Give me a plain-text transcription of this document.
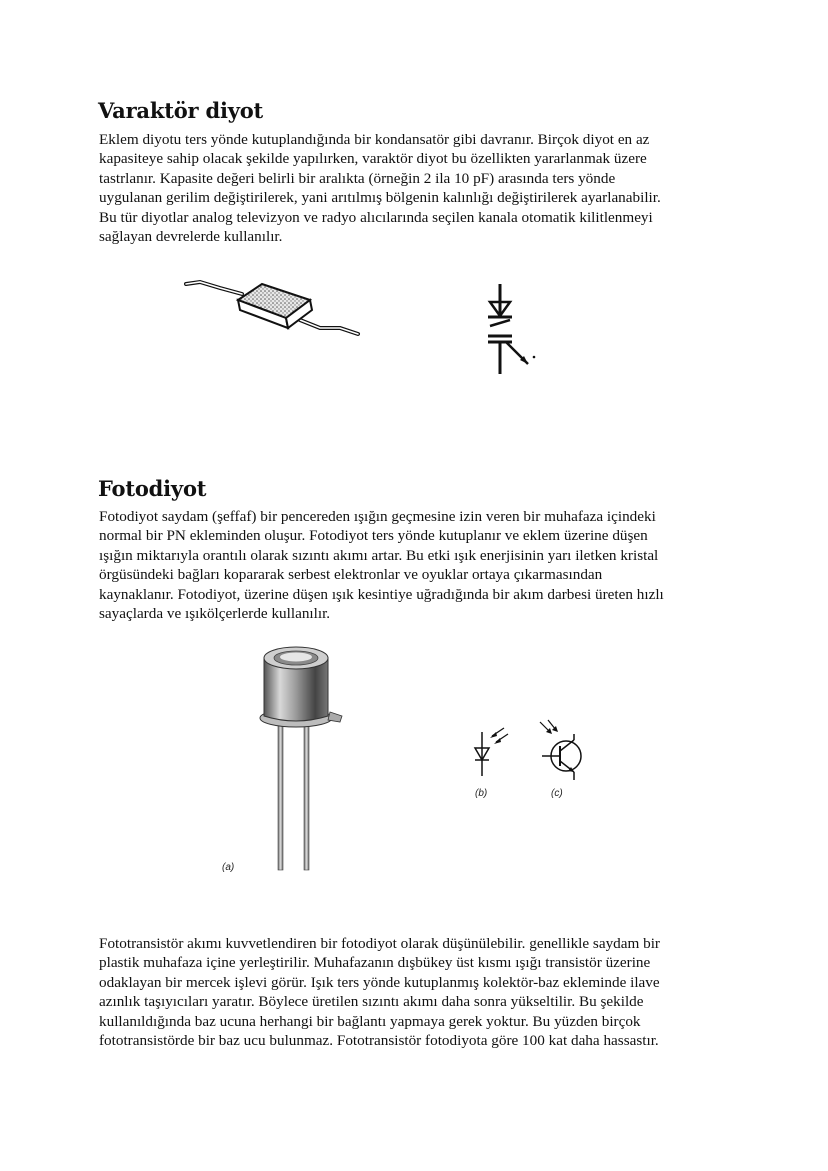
Varaktör diyot
Eklem diyotu ters yönde kutuplandığında bir kondansatör gibi davranır. Birçok diyot en az
kapasiteye sahip olacak şekilde yapılırken, varaktör diyot bu özellikten yararlanmak üzere
tastrlanır. Kapasite değeri belirli bir aralıkta (örneğin 2 ila 10 pF) arasında ters yönde
uygulanan gerilim değiştirilerek, yani arıtılmış bölgenin kalınlığı değiştirilerek ayarlanabilir.
Bu tür diyotlar analog televizyon ve radyo alıcılarında seçilen kanala otomatik kilitlenmeyi
sağlayan devrelerde kullanılır.
Fotodiyot
Fotodiyot saydam (şeffaf) bir pencereden ışığın geçmesine izin veren bir muhafaza içindeki
normal bir PN ekleminden oluşur. Fotodiyot ters yönde kutuplanır ve eklem üzerine düşen
ışığın miktarıyla orantılı olarak sızıntı akımı artar. Bu etki ışık enerjisinin yarı iletken kristal
örgüsündeki bağları kopararak serbest elektronlar ve oyuklar ortaya çıkarmasından
kaynaklanır. Fotodiyot, üzerine düşen ışık kesintiye uğradığında bir akım darbesi üreten hızlı
sayaçlarda ve ışıkölçerlerde kullanılır.
(a)
(b)	(c)
Fototransistör akımı kuvvetlendiren bir fotodiyot olarak düşünülebilir. genellikle saydam bir
plastik muhafaza içine yerleştirilir. Muhafazanın dışbükey üst kısmı ışığı transistör üzerine
odaklayan bir mercek işlevi görür. Işık ters yönde kutuplanmış kolektör-baz ekleminde ilave
azınlık taşıyıcıları yaratır. Böylece üretilen sızıntı akımı daha sonra yükseltilir. Bu şekilde
kullanıldığında baz ucuna herhangi bir bağlantı yapmaya gerek yoktur. Bu yüzden birçok
fototransistörde bir baz ucu bulunmaz. Fototransistör fotodiyota göre 100 kat daha hassastır.
